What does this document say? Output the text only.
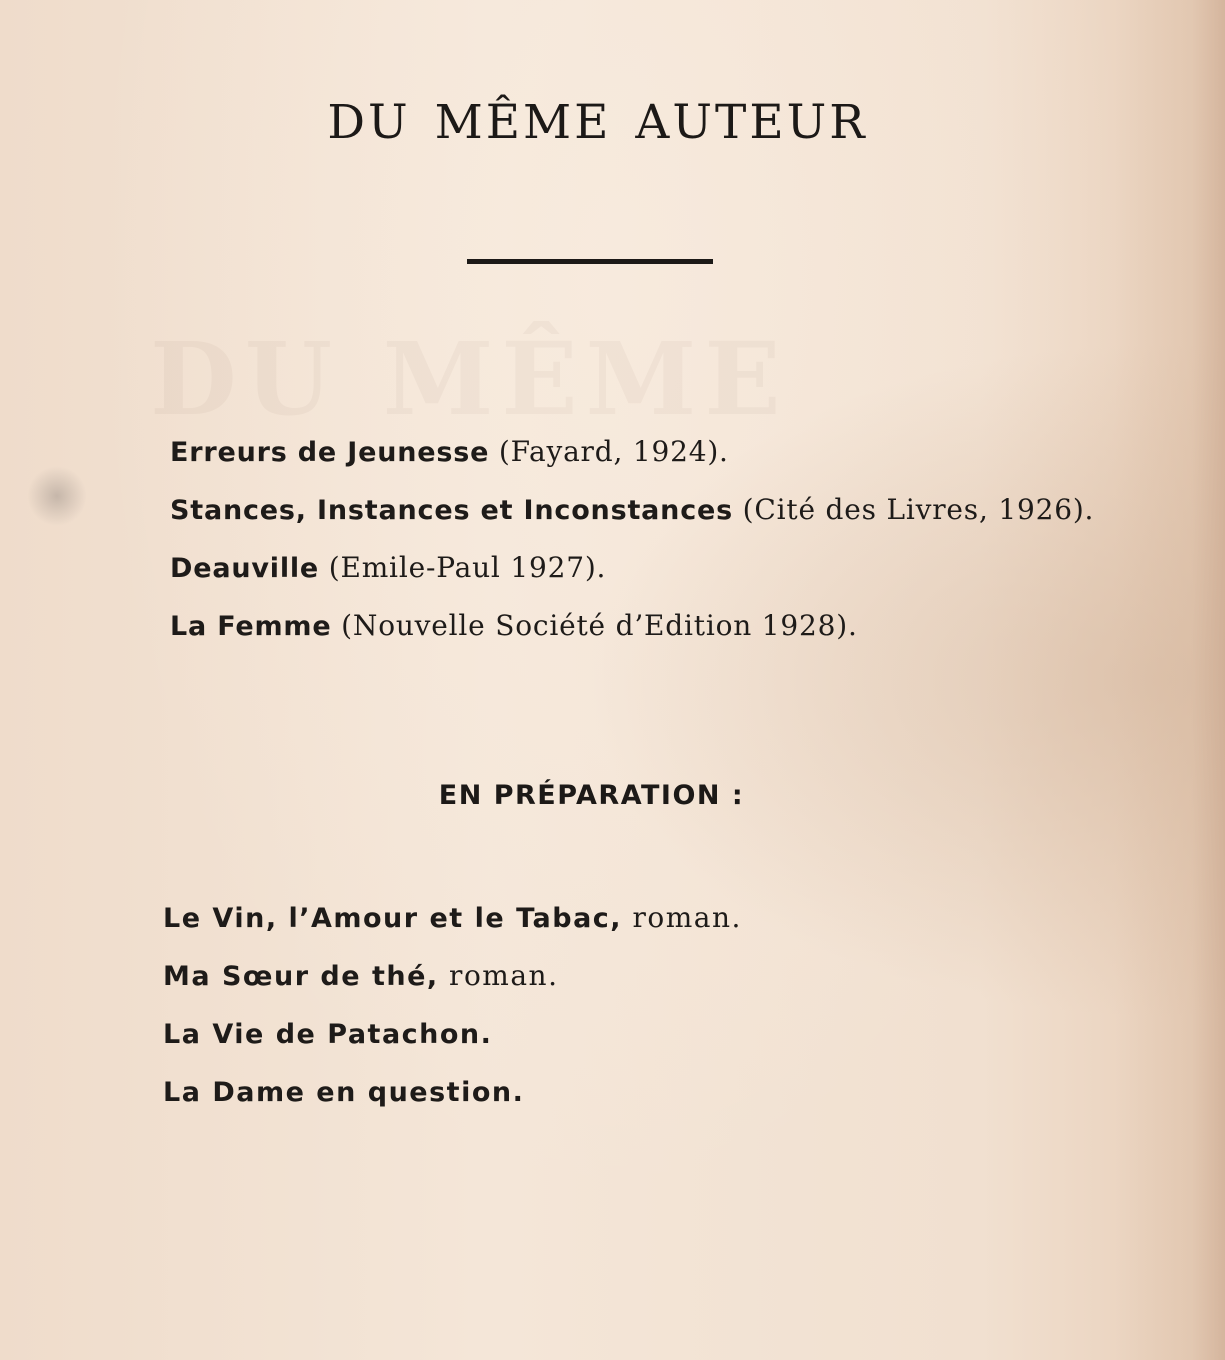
DU MÊME
DU MÊME AUTEUR
Erreurs de Jeunesse (Fayard, 1924).
Stances, Instances et Inconstances (Cité des Livres, 1926).
Deauville (Emile-Paul 1927).
La Femme (Nouvelle Société d’Edition 1928).
EN PRÉPARATION :
Le Vin, l’Amour et le Tabac, roman.
Ma Sœur de thé, roman.
La Vie de Patachon.
La Dame en question.
